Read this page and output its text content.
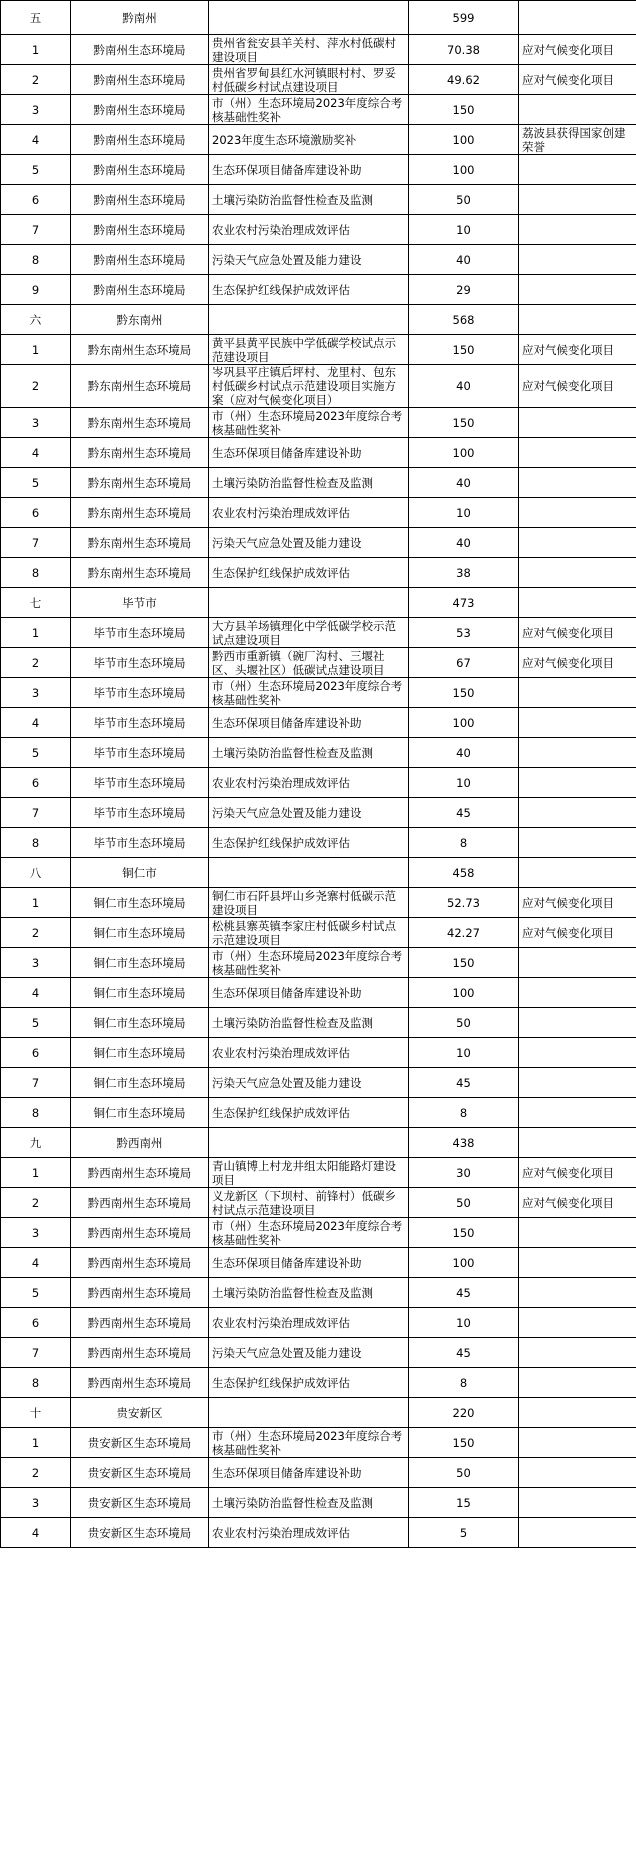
五	黔南州		599	
1	黔南州生态环境局	贵州省瓮安县羊关村、萍水村低碳村建设项目	70.38	应对气候变化项目
2	黔南州生态环境局	贵州省罗甸县红水河镇眼村村、罗妥村低碳乡村试点建设项目	49.62	应对气候变化项目
3	黔南州生态环境局	市（州）生态环境局2023年度综合考核基础性奖补	150	
4	黔南州生态环境局	2023年度生态环境激励奖补	100	荔波县获得国家创建荣誉
5	黔南州生态环境局	生态环保项目储备库建设补助	100	
6	黔南州生态环境局	土壤污染防治监督性检查及监测	50	
7	黔南州生态环境局	农业农村污染治理成效评估	10	
8	黔南州生态环境局	污染天气应急处置及能力建设	40	
9	黔南州生态环境局	生态保护红线保护成效评估	29	
六	黔东南州		568	
1	黔东南州生态环境局	黄平县黄平民族中学低碳学校试点示范建设项目	150	应对气候变化项目
2	黔东南州生态环境局	岑巩县平庄镇后坪村、龙里村、包东村低碳乡村试点示范建设项目实施方案（应对气候变化项目）	40	应对气候变化项目
3	黔东南州生态环境局	市（州）生态环境局2023年度综合考核基础性奖补	150	
4	黔东南州生态环境局	生态环保项目储备库建设补助	100	
5	黔东南州生态环境局	土壤污染防治监督性检查及监测	40	
6	黔东南州生态环境局	农业农村污染治理成效评估	10	
7	黔东南州生态环境局	污染天气应急处置及能力建设	40	
8	黔东南州生态环境局	生态保护红线保护成效评估	38	
七	毕节市		473	
1	毕节市生态环境局	大方县羊场镇理化中学低碳学校示范试点建设项目	53	应对气候变化项目
2	毕节市生态环境局	黔西市重新镇（碗厂沟村、三堰社区、头堰社区）低碳试点建设项目	67	应对气候变化项目
3	毕节市生态环境局	市（州）生态环境局2023年度综合考核基础性奖补	150	
4	毕节市生态环境局	生态环保项目储备库建设补助	100	
5	毕节市生态环境局	土壤污染防治监督性检查及监测	40	
6	毕节市生态环境局	农业农村污染治理成效评估	10	
7	毕节市生态环境局	污染天气应急处置及能力建设	45	
8	毕节市生态环境局	生态保护红线保护成效评估	8	
八	铜仁市		458	
1	铜仁市生态环境局	铜仁市石阡县坪山乡尧寨村低碳示范建设项目	52.73	应对气候变化项目
2	铜仁市生态环境局	松桃县寨英镇李家庄村低碳乡村试点示范建设项目	42.27	应对气候变化项目
3	铜仁市生态环境局	市（州）生态环境局2023年度综合考核基础性奖补	150	
4	铜仁市生态环境局	生态环保项目储备库建设补助	100	
5	铜仁市生态环境局	土壤污染防治监督性检查及监测	50	
6	铜仁市生态环境局	农业农村污染治理成效评估	10	
7	铜仁市生态环境局	污染天气应急处置及能力建设	45	
8	铜仁市生态环境局	生态保护红线保护成效评估	8	
九	黔西南州		438	
1	黔西南州生态环境局	青山镇博上村龙井组太阳能路灯建设项目	30	应对气候变化项目
2	黔西南州生态环境局	义龙新区（下坝村、前锋村）低碳乡村试点示范建设项目	50	应对气候变化项目
3	黔西南州生态环境局	市（州）生态环境局2023年度综合考核基础性奖补	150	
4	黔西南州生态环境局	生态环保项目储备库建设补助	100	
5	黔西南州生态环境局	土壤污染防治监督性检查及监测	45	
6	黔西南州生态环境局	农业农村污染治理成效评估	10	
7	黔西南州生态环境局	污染天气应急处置及能力建设	45	
8	黔西南州生态环境局	生态保护红线保护成效评估	8	
十	贵安新区		220	
1	贵安新区生态环境局	市（州）生态环境局2023年度综合考核基础性奖补	150	
2	贵安新区生态环境局	生态环保项目储备库建设补助	50	
3	贵安新区生态环境局	土壤污染防治监督性检查及监测	15	
4	贵安新区生态环境局	农业农村污染治理成效评估	5	
